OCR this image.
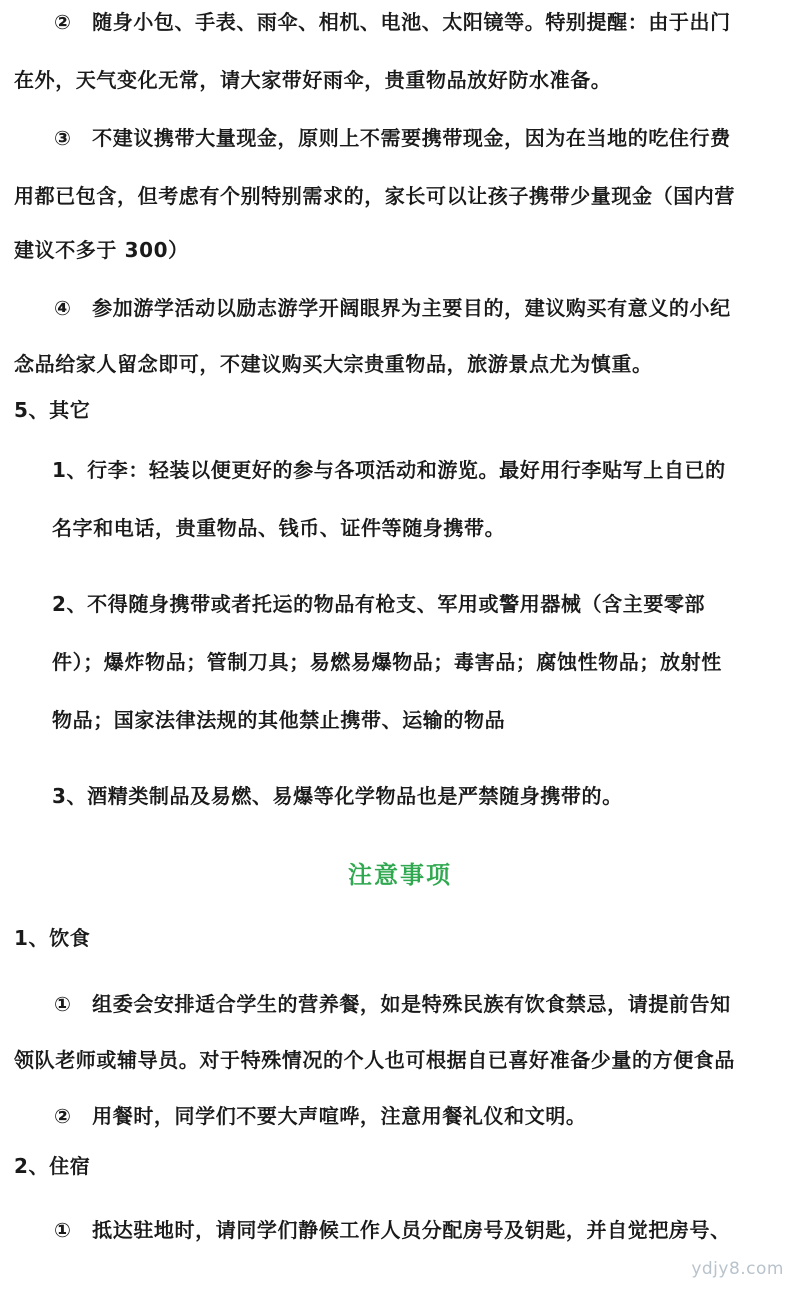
②　随身小包、手表、雨伞、相机、电池、太阳镜等。特别提醒：由于出门
在外，天气变化无常，请大家带好雨伞，贵重物品放好防水准备。
③　不建议携带大量现金，原则上不需要携带现金，因为在当地的吃住行费
用都已包含，但考虑有个别特别需求的，家长可以让孩子携带少量现金（国内营
建议不多于 300）
④　参加游学活动以励志游学开阔眼界为主要目的，建议购买有意义的小纪
念品给家人留念即可，不建议购买大宗贵重物品，旅游景点尤为慎重。
5、其它
1、行李：轻装以便更好的参与各项活动和游览。最好用行李贴写上自已的
名字和电话，贵重物品、钱币、证件等随身携带。
2、不得随身携带或者托运的物品有枪支、军用或警用器械（含主要零部
件）；爆炸物品；管制刀具；易燃易爆物品；毒害品；腐蚀性物品；放射性
物品；国家法律法规的其他禁止携带、运输的物品
3、酒精类制品及易燃、易爆等化学物品也是严禁随身携带的。
注意事项
1、饮食
①　组委会安排适合学生的营养餐，如是特殊民族有饮食禁忌，请提前告知
领队老师或辅导员。对于特殊情况的个人也可根据自已喜好准备少量的方便食品
②　用餐时，同学们不要大声喧哗，注意用餐礼仪和文明。
2、住宿
①　抵达驻地时，请同学们静候工作人员分配房号及钥匙，并自觉把房号、
ydjy8.com
